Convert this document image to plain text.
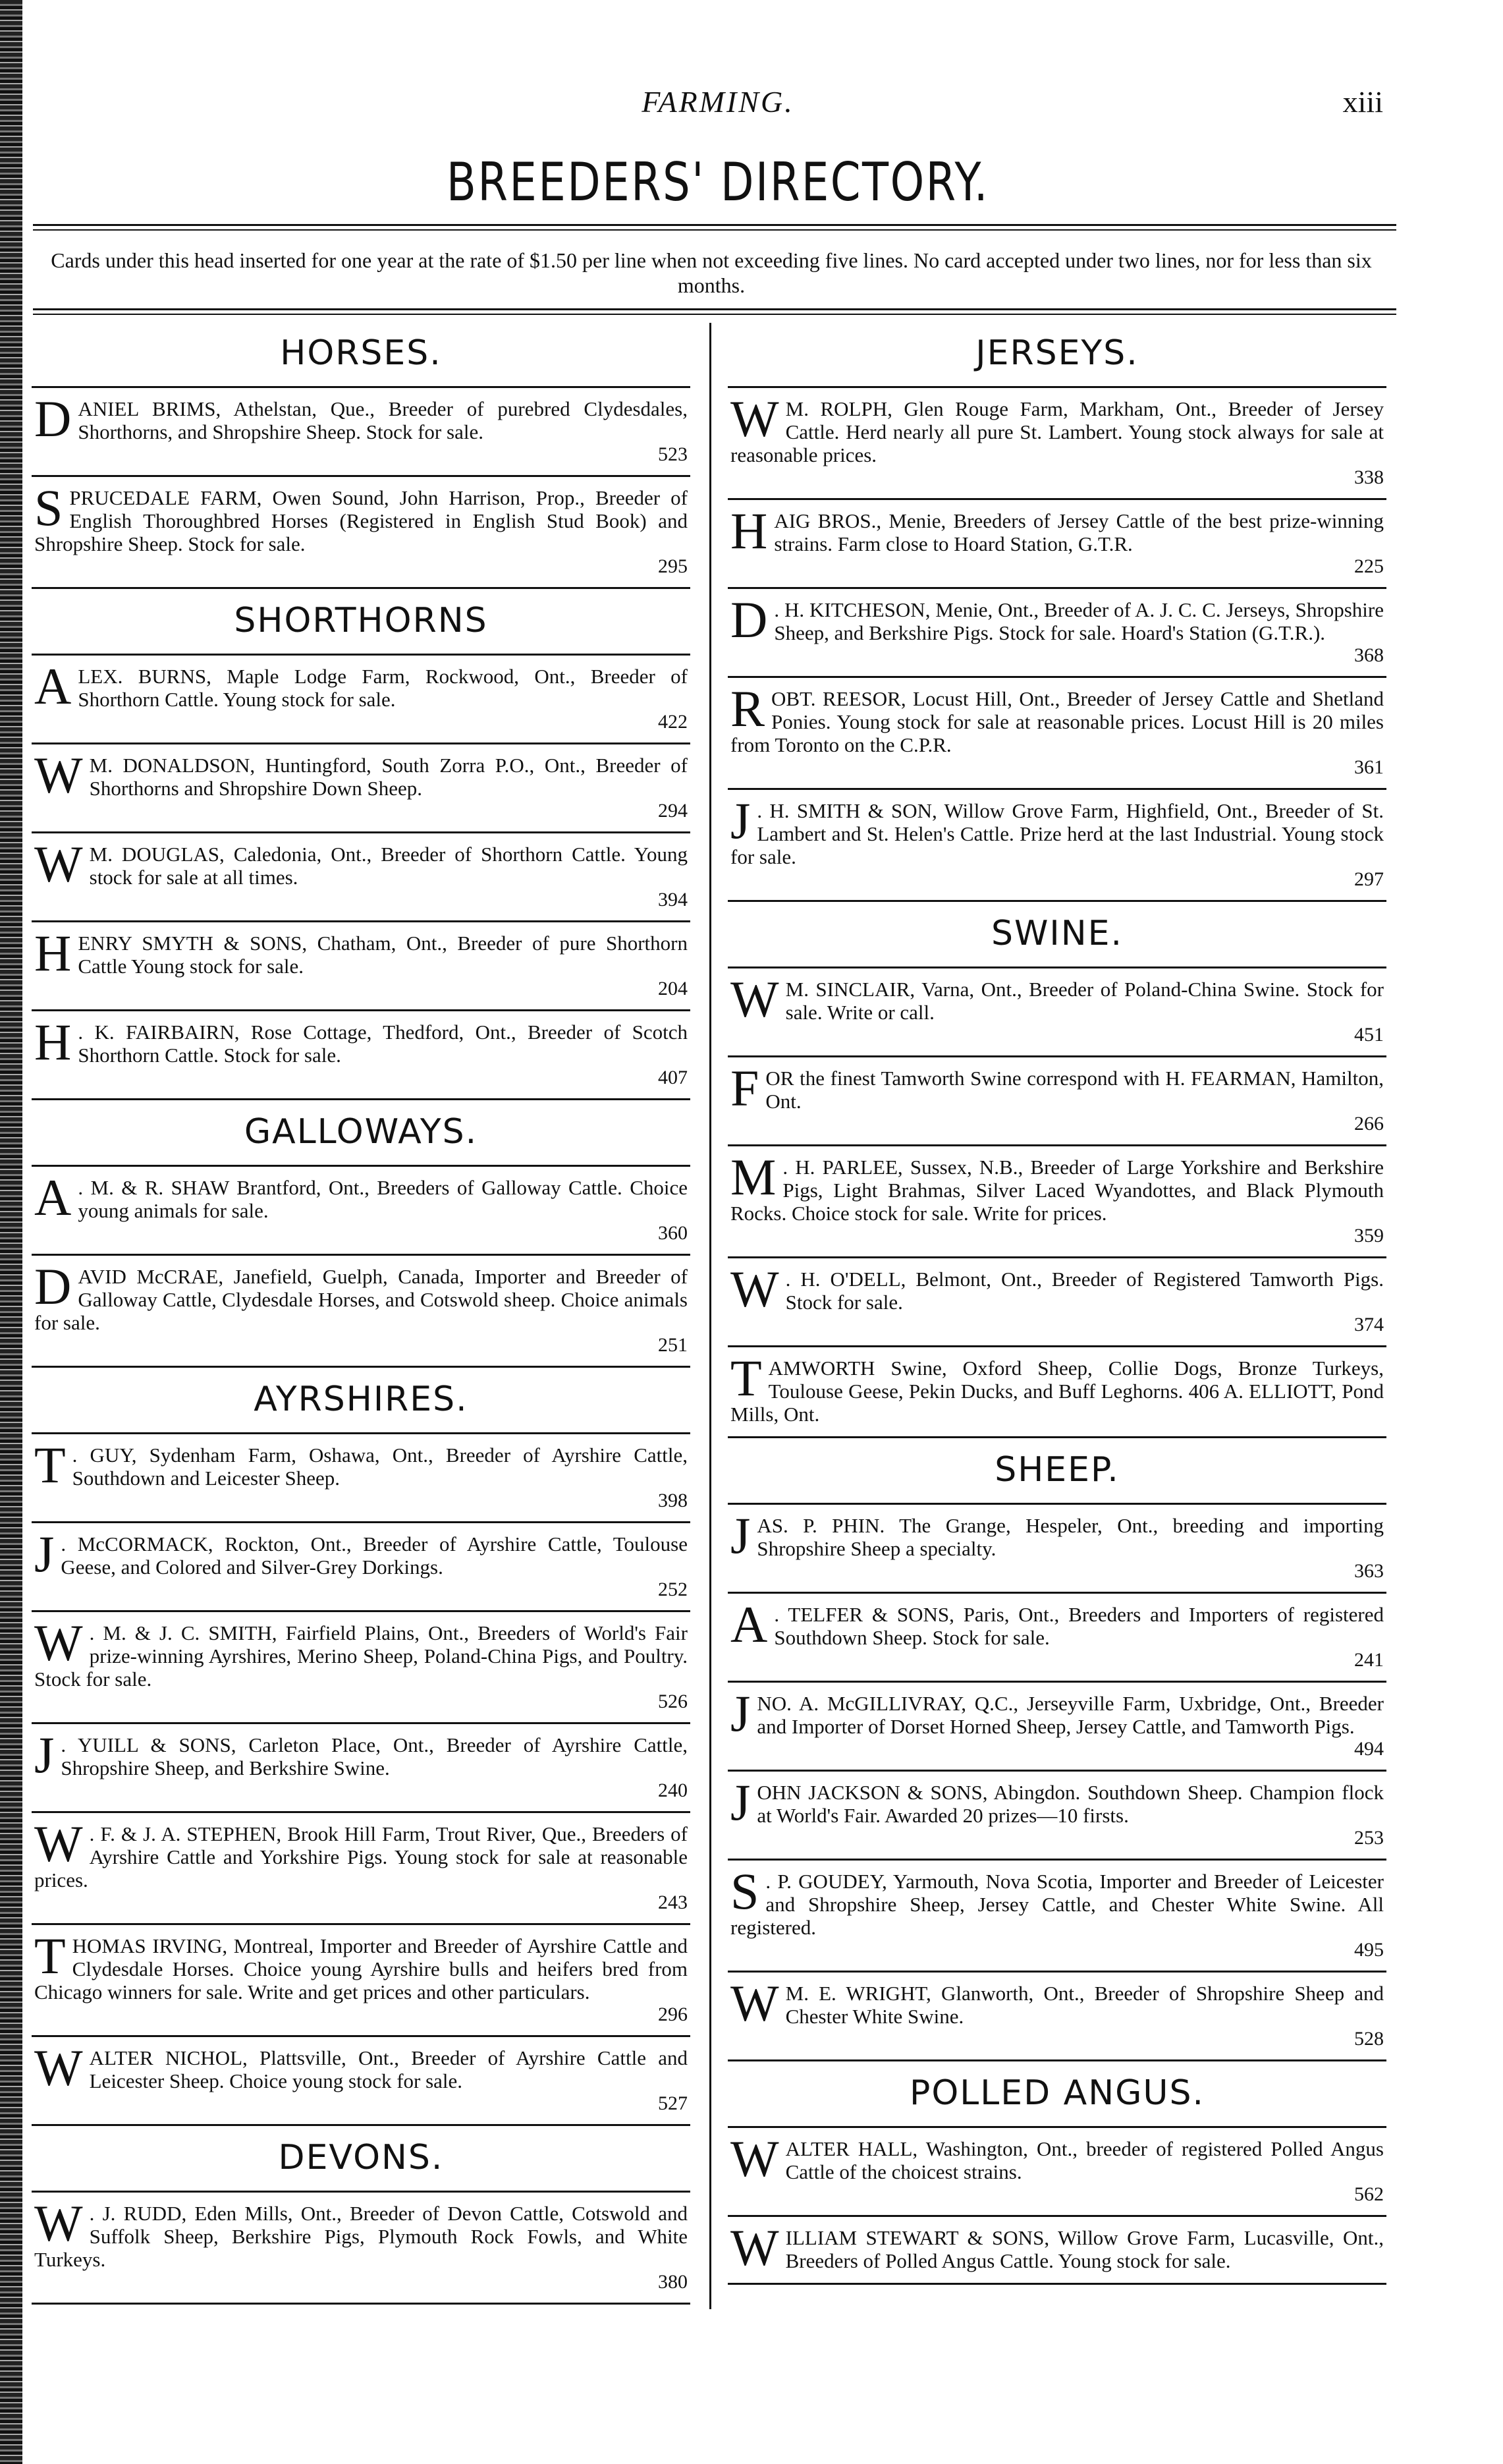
FARMING.	xiii
BREEDERS' DIRECTORY.
Cards under this head inserted for one year at the rate of $1.50 per line when not exceeding five lines. No card accepted under two lines, nor for less than six months.
HORSES.
DANIEL BRIMS, Athelstan, Que., Breeder of purebred Clydesdales, Shorthorns, and Shropshire Sheep. Stock for sale.
523
SPRUCEDALE FARM, Owen Sound, John Harrison, Prop., Breeder of English Thoroughbred Horses (Registered in English Stud Book) and Shropshire Sheep. Stock for sale.
295
SHORTHORNS
ALEX. BURNS, Maple Lodge Farm, Rockwood, Ont., Breeder of Shorthorn Cattle. Young stock for sale.
422
W M. DONALDSON, Huntingford, South Zorra P.O., Ont., Breeder of Shorthorns and Shropshire Down Sheep.
294
W M. DOUGLAS, Caledonia, Ont., Breeder of Shorthorn Cattle. Young stock for sale at all times.
394
HENRY SMYTH & SONS, Chatham, Ont., Breeder of pure Shorthorn Cattle Young stock for sale.
204
H . K. FAIRBAIRN, Rose Cottage, Thedford, Ont., Breeder of Scotch Shorthorn Cattle. Stock for sale.
407
GALLOWAYS.
A . M. & R. SHAW Brantford, Ont., Breeders of Galloway Cattle. Choice young animals for sale.
360
DAVID McCRAE, Janefield, Guelph, Canada, Importer and Breeder of Galloway Cattle, Clydesdale Horses, and Cotswold sheep. Choice animals for sale.
251
AYRSHIRES.
T . GUY, Sydenham Farm, Oshawa, Ont., Breeder of Ayrshire Cattle, Southdown and Leicester Sheep.
398
J . McCORMACK, Rockton, Ont., Breeder of Ayrshire Cattle, Toulouse Geese, and Colored and Silver-Grey Dorkings.
252
W . M. & J. C. SMITH, Fairfield Plains, Ont., Breeders of World's Fair prize-winning Ayrshires, Merino Sheep, Poland-China Pigs, and Poultry. Stock for sale.
526
J . YUILL & SONS, Carleton Place, Ont., Breeder of Ayrshire Cattle, Shropshire Sheep, and Berkshire Swine.
240
W . F. & J. A. STEPHEN, Brook Hill Farm, Trout River, Que., Breeders of Ayrshire Cattle and Yorkshire Pigs. Young stock for sale at reasonable prices.
243
THOMAS IRVING, Montreal, Importer and Breeder of Ayrshire Cattle and Clydesdale Horses. Choice young Ayrshire bulls and heifers bred from Chicago winners for sale. Write and get prices and other particulars.
296
WALTER NICHOL, Plattsville, Ont., Breeder of Ayrshire Cattle and Leicester Sheep. Choice young stock for sale.
527
DEVONS.
W . J. RUDD, Eden Mills, Ont., Breeder of Devon Cattle, Cotswold and Suffolk Sheep, Berkshire Pigs, Plymouth Rock Fowls, and White Turkeys.
380
JERSEYS.
W M. ROLPH, Glen Rouge Farm, Markham, Ont., Breeder of Jersey Cattle. Herd nearly all pure St. Lambert. Young stock always for sale at reasonable prices.
338
HAIG BROS., Menie, Breeders of Jersey Cattle of the best prize-winning strains. Farm close to Hoard Station, G.T.R.
225
D . H. KITCHESON, Menie, Ont., Breeder of A. J. C. C. Jerseys, Shropshire Sheep, and Berkshire Pigs. Stock for sale. Hoard's Station (G.T.R.).
368
ROBT. REESOR, Locust Hill, Ont., Breeder of Jersey Cattle and Shetland Ponies. Young stock for sale at reasonable prices. Locust Hill is 20 miles from Toronto on the C.P.R.
361
J . H. SMITH & SON, Willow Grove Farm, Highfield, Ont., Breeder of St. Lambert and St. Helen's Cattle. Prize herd at the last Industrial. Young stock for sale.
297
SWINE.
W M. SINCLAIR, Varna, Ont., Breeder of Poland-China Swine. Stock for sale. Write or call.
451
FOR the finest Tamworth Swine correspond with H. FEARMAN, Hamilton, Ont.
266
M . H. PARLEE, Sussex, N.B., Breeder of Large Yorkshire and Berkshire Pigs, Light Brahmas, Silver Laced Wyandottes, and Black Plymouth Rocks. Choice stock for sale. Write for prices.
359
W . H. O'DELL, Belmont, Ont., Breeder of Registered Tamworth Pigs. Stock for sale.
374
TAMWORTH Swine, Oxford Sheep, Collie Dogs, Bronze Turkeys, Toulouse Geese, Pekin Ducks, and Buff Leghorns. 406 A. ELLIOTT, Pond Mills, Ont.
SHEEP.
JAS. P. PHIN. The Grange, Hespeler, Ont., breeding and importing Shropshire Sheep a specialty.
363
A . TELFER & SONS, Paris, Ont., Breeders and Importers of registered Southdown Sheep. Stock for sale.
241
JNO. A. McGILLIVRAY, Q.C., Jerseyville Farm, Uxbridge, Ont., Breeder and Importer of Dorset Horned Sheep, Jersey Cattle, and Tamworth Pigs.
494
JOHN JACKSON & SONS, Abingdon. Southdown Sheep. Champion flock at World's Fair. Awarded 20 prizes—10 firsts.
253
S . P. GOUDEY, Yarmouth, Nova Scotia, Importer and Breeder of Leicester and Shropshire Sheep, Jersey Cattle, and Chester White Swine. All registered.
495
W M. E. WRIGHT, Glanworth, Ont., Breeder of Shropshire Sheep and Chester White Swine.
528
POLLED ANGUS.
WALTER HALL, Washington, Ont., breeder of registered Polled Angus Cattle of the choicest strains.
562
WILLIAM STEWART & SONS, Willow Grove Farm, Lucasville, Ont., Breeders of Polled Angus Cattle. Young stock for sale.
